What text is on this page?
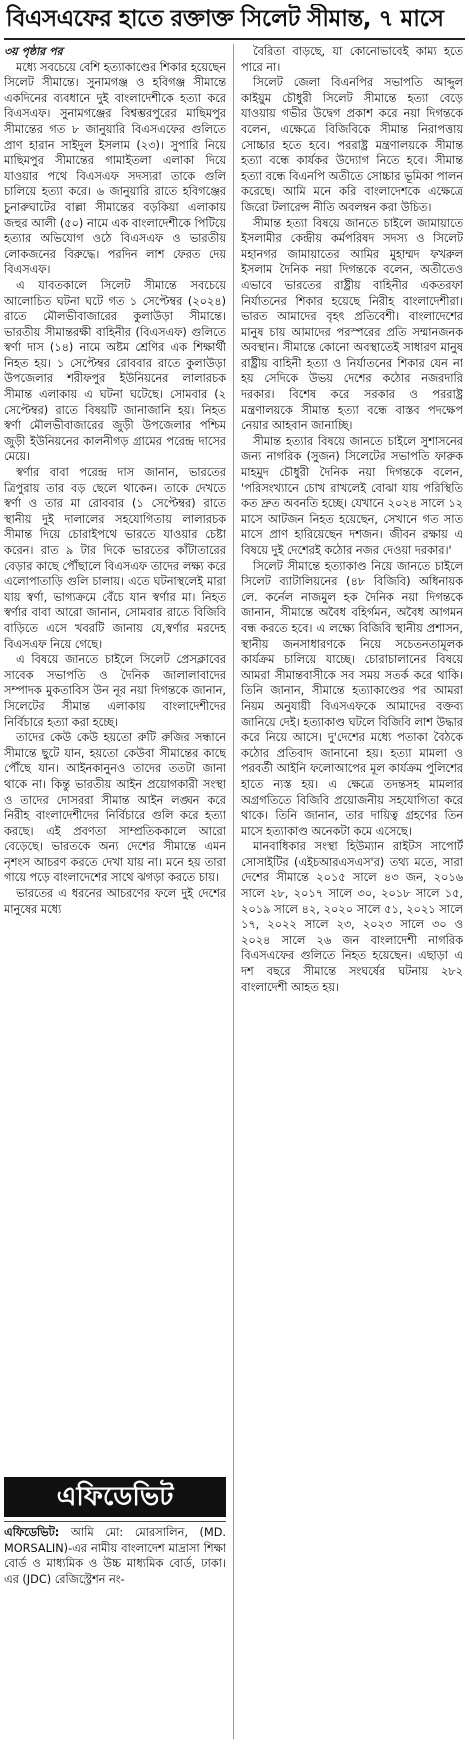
বিএসএফের হাতে রক্তাক্ত সিলেট সীমান্ত, ৭ মাসে

৩য় পৃষ্ঠার পর

মধ্যে সবচেয়ে বেশি হত্যাকাণ্ডের শিকার হয়েছেন সিলেট সীমান্তে। সুনামগঞ্জ ও হবিগঞ্জ সীমান্তে একদিনের ব্যবধানে দুই বাংলাদেশীকে হত্যা করে বিএসএফ। সুনামগঞ্জের বিশ্বম্ভরপুরের মাছিমপুর সীমান্তের গত ৮ জানুয়ারি বিএসএফের গুলিতে প্রাণ হারান সাইদুল ইসলাম (২৩)। সুপারি নিয়ে মাছিমপুর সীমান্তের গামাইতলা এলাকা দিয়ে যাওয়ার পথে বিএসএফ সদস্যরা তাকে গুলি চালিয়ে হত্যা করে। ৬ জানুয়ারি রাতে হবিগঞ্জের চুনারুঘাটের বাল্লা সীমান্তের বড়কিয়া এলাকায় জহুর আলী (৫০) নামে এক বাংলাদেশীকে পিটিয়ে হত্যার অভিযোগ ওঠে বিএসএফ ও ভারতীয় লোকজনের বিরুদ্ধে। পরদিন লাশ ফেরত দেয় বিএসএফ।

এ যাবতকালে সিলেট সীমান্তে সবচেয়ে আলোচিত ঘটনা ঘটে গত ১ সেপ্টেম্বর (২০২৪) রাতে মৌলভীবাজারের কুলাউড়া সীমান্তে। ভারতীয় সীমান্তরক্ষী বাহিনীর (বিএসএফ) গুলিতে স্বর্ণা দাস (১৪) নামে অষ্টম শ্রেণির এক শিক্ষার্থী নিহত হয়। ১ সেপ্টেম্বর রোববার রাতে কুলাউড়া উপজেলার শরীফপুর ইউনিয়নের লালারচক সীমান্ত এলাকায় এ ঘটনা ঘটেছে। সোমবার (২ সেপ্টেম্বর) রাতে বিষয়টি জানাজানি হয়। নিহত স্বর্ণা মৌলভীবাজারের জুড়ী উপজেলার পশ্চিম জুড়ী ইউনিয়নের কালনীগড় গ্রামের পরেন্দ্র দাসের মেয়ে।

স্বর্ণার বাবা পরেন্দ্র দাস জানান, ভারতের ত্রিপুরায় তার বড় ছেলে থাকেন। তাকে দেখতে স্বর্ণা ও তার মা রোববার (১ সেপ্টেম্বর) রাতে স্থানীয় দুই দালালের সহযোগিতায় লালারচক সীমান্ত দিয়ে চোরাইপথে ভারতে যাওয়ার চেষ্টা করেন। রাত ৯ টার দিকে ভারতের কাঁটাতারের বেড়ার কাছে পৌঁছালে বিএসএফ তাদের লক্ষ্য করে এলোপাতাড়ি গুলি চালায়। এতে ঘটনাস্থলেই মারা যায় স্বর্ণা, ভাগ্যক্রমে বেঁচে যান স্বর্ণার মা। নিহত স্বর্ণার বাবা আরো জানান, সোমবার রাতে বিজিবি বাড়িতে এসে খবরটি জানায় যে,স্বর্ণার মরদেহ বিএসএফ নিয়ে গেছে।

এ বিষয়ে জানতে চাইলে সিলেট প্রেসক্লাবের সাবেক সভাপতি ও দৈনিক জালালাবাদের সম্পাদক মুকতাবিস উন নূর নয়া দিগন্তকে জানান, সিলেটের সীমান্ত এলাকায় বাংলাদেশীদের নির্বিচারে হত্যা করা হচ্ছে।

তাদের কেউ কেউ হয়তো রুটি রুজির সন্ধানে সীমান্তে ছুটে যান, হয়তো কেউবা সীমান্তের কাছে পৌঁছে যান। আইনকানুনও তাদের ততটা জানা থাকে না। কিন্তু ভারতীয় আইন প্রয়োগকারী সংস্থা ও তাদের দোসররা সীমান্ত আইন লঙ্ঘন করে নিরীহ বাংলাদেশীদের নির্বিচারে গুলি করে হত্যা করছে। এই প্রবণতা সাম্প্রতিককালে আরো বেড়েছে। ভারতকে অন্য দেশের সীমান্তে এমন নৃশংস আচরণ করতে দেখা যায় না। মনে হয় তারা গায়ে পড়ে বাংলাদেশের সাথে ঝগড়া করতে চায়।

ভারতের এ ধরনের আচরণের ফলে দুই দেশের মানুষের মধ্যে

বৈরিতা বাড়ছে, যা কোনোভাবেই কাম্য হতে পারে না।

সিলেট জেলা বিএনপির সভাপতি আব্দুল কাইয়ুম চৌধুরী সিলেট সীমান্তে হত্যা বেড়ে যাওয়ায় গভীর উদ্বেগ প্রকাশ করে নয়া দিগন্তকে বলেন, এক্ষেত্রে বিজিবিকে সীমান্ত নিরাপত্তায় সোচ্চার হতে হবে। পররাষ্ট্র মন্ত্রণালয়কে সীমান্ত হত্যা বন্ধে কার্যকর উদ্যোগ নিতে হবে। সীমান্ত হত্যা বন্ধে বিএনপি অতীতে সোচ্চার ভূমিকা পালন করেছে। আমি মনে করি বাংলাদেশকে এক্ষেত্রে জিরো টলারেন্স নীতি অবলম্বন করা উচিত।

সীমান্ত হত্যা বিষয়ে জানতে চাইলে জামায়াতে ইসলামীর কেন্দ্রীয় কর্মপরিষদ সদস্য ও সিলেট মহানগর জামায়াতের আমির মুহাম্মদ ফখরুল ইসলাম দৈনিক নয়া দিগন্তকে বলেন, অতীতেও এভাবে ভারতের রাষ্ট্রীয় বাহিনীর একতরফা নির্যাতনের শিকার হয়েছে নিরীহ বাংলাদেশীরা। ভারত আমাদের বৃহৎ প্রতিবেশী। বাংলাদেশের মানুষ চায় আমাদের পরস্পরের প্রতি সম্মানজনক অবস্থান। সীমান্তে কোনো অবস্থাতেই সাধারণ মানুষ রাষ্ট্রীয় বাহিনী হত্যা ও নির্যাতনের শিকার যেন না হয় সেদিকে উভয় দেশের কঠোর নজরদারি দরকার। বিশেষ করে সরকার ও পররাষ্ট্র মন্ত্রণালয়কে সীমান্ত হত্যা বন্ধে বাস্তব পদক্ষেপ নেয়ার আহবান জানাচ্ছি।

সীমান্ত হত্যার বিষয়ে জানতে চাইলে সুশাসনের জন্য নাগরিক (সুজন) সিলেটের সভাপতি ফারুক মাহমুদ চৌধুরী দৈনিক নয়া দিগন্তকে বলেন, 'পরিসংখ্যানে চোখ রাখলেই বোঝা যায় পরিস্থিতি কত দ্রুত অবনতি হচ্ছে। যেখানে ২০২৪ সালে ১২ মাসে আটজন নিহত হয়েছেন, সেখানে গত সাত মাসে প্রাণ হারিয়েছেন দশজন। জীবন রক্ষায় এ বিষয়ে দুই দেশেরই কঠোর নজর দেওয়া দরকার।'

সিলেট সীমান্তে হত্যাকাণ্ড নিয়ে জানতে চাইলে সিলেট ব্যাটালিয়নের (৪৮ বিজিবি) অধিনায়ক লে. কর্নেল নাজমুল হক দৈনিক নয়া দিগন্তকে জানান, সীমান্তে অবৈধ বহির্গমন, অবৈধ আগমন বন্ধ করতে হবে। এ লক্ষ্যে বিজিবি স্থানীয় প্রশাসন, স্থানীয় জনসাধারণকে নিয়ে সচেতনতামূলক কার্যক্রম চালিয়ে যাচ্ছে। চোরাচালানের বিষয়ে আমরা সীমান্তবাসীকে সব সময় সতর্ক করে থাকি। তিনি জানান, সীমান্তে হত্যাকাণ্ডের পর আমরা নিয়ম অনুযায়ী বিএসএফকে আমাদের বক্তব্য জানিয়ে দেই। হত্যাকাণ্ড ঘটলে বিজিবি লাশ উদ্ধার করে নিয়ে আসে। দু'দেশের মধ্যে পতাকা বৈঠকে কঠোর প্রতিবাদ জানানো হয়। হত্যা মামলা ও পরবর্তী আইনি ফলোআপের মূল কার্যক্রম পুলিশের হাতে ন্যস্ত হয়। এ ক্ষেত্রে তদন্তসহ মামলার অগ্রগতিতে বিজিবি প্রয়োজনীয় সহযোগিতা করে থাকে। তিনি জানান, তার দায়িত্ব গ্রহণের তিন মাসে হত্যাকাণ্ড অনেকটা কমে এসেছে।

মানবাধিকার সংস্থা হিউম্যান রাইটস সাপোর্ট সোসাইটির (এইচআরএসএস'র) তথ্য মতে, সারা দেশের সীমান্তে ২০১৫ সালে ৪৩ জন, ২০১৬ সালে ২৮, ২০১৭ সালে ৩০, ২০১৮ সালে ১৫, ২০১৯ সালে ৪২, ২০২০ সালে ৫১, ২০২১ সালে ১৭, ২০২২ সালে ২৩, ২০২৩ সালে ৩০ ও ২০২৪ সালে ২৬ জন বাংলাদেশী নাগরিক বিএসএফের গুলিতে নিহত হয়েছেন। এছাড়া এ দশ বছরে সীমান্তে সংঘর্ষের ঘটনায় ২৮২ বাংলাদেশী আহত হয়।

এফিডেভিট

এফিডেভিট: আমি মো: মোরসালিন, (MD. MORSALIN)-এর নামীয় বাংলাদেশ মাদ্রাসা শিক্ষা বোর্ড ও মাধ্যমিক ও উচ্চ মাধ্যমিক বোর্ড, ঢাকা। এর (JDC) রেজিস্ট্রেশন নং-
